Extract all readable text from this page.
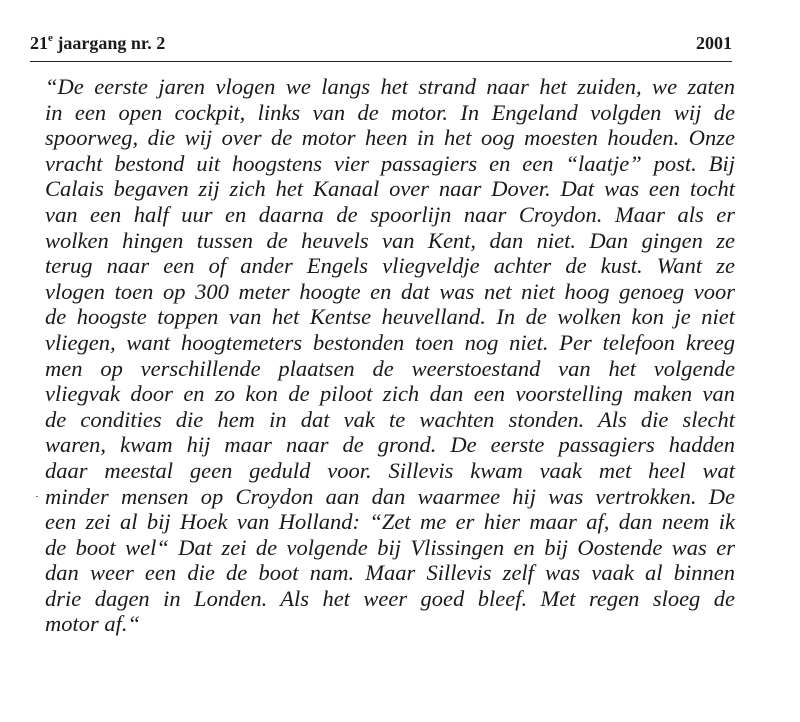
21e jaargang nr. 2	2001
“De eerste jaren vlogen we langs het strand naar het zuiden, we zaten
in een open cockpit, links van de motor. In Engeland volgden wij de
spoorweg, die wij over de motor heen in het oog moesten houden. Onze
vracht bestond uit hoogstens vier passagiers en een “laatje” post. Bij
Calais begaven zij zich het Kanaal over naar Dover. Dat was een tocht
van een half uur en daarna de spoorlijn naar Croydon. Maar als er
wolken hingen tussen de heuvels van Kent, dan niet. Dan gingen ze
terug naar een of ander Engels vliegveldje achter de kust. Want ze
vlogen toen op 300 meter hoogte en dat was net niet hoog genoeg voor
de hoogste toppen van het Kentse heuvelland. In de wolken kon je niet
vliegen, want hoogtemeters bestonden toen nog niet. Per telefoon kreeg
men op verschillende plaatsen de weerstoestand van het volgende
vliegvak door en zo kon de piloot zich dan een voorstelling maken van
de condities die hem in dat vak te wachten stonden. Als die slecht
waren, kwam hij maar naar de grond. De eerste passagiers hadden
daar meestal geen geduld voor. Sillevis kwam vaak met heel wat
minder mensen op Croydon aan dan waarmee hij was vertrokken. De
een zei al bij Hoek van Holland: “Zet me er hier maar af, dan neem ik
de boot wel“ Dat zei de volgende bij Vlissingen en bij Oostende was er
dan weer een die de boot nam. Maar Sillevis zelf was vaak al binnen
drie dagen in Londen. Als het weer goed bleef. Met regen sloeg de
motor af.“
